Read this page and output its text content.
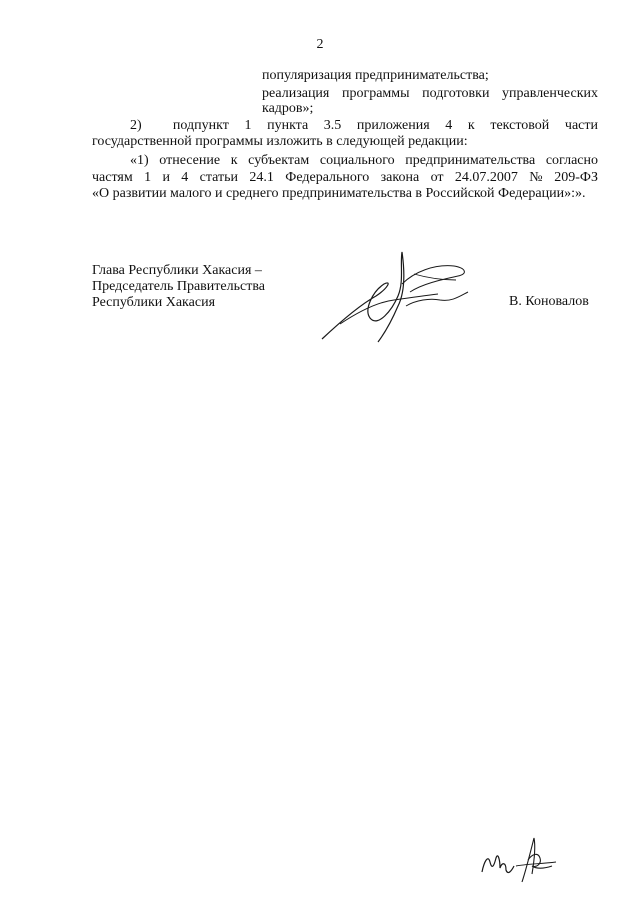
2
популяризация предпринимательства;
реализация программы подготовки управленческих
кадров»;
2)      подпункт   1   пункта   3.5   приложения   4   к   текстовой   части
государственной программы изложить в следующей редакции:
«1)  отнесение  к  субъектам  социального  предпринимательства  согласно
частям   1   и   4   статьи   24.1   Федерального   закона   от   24.07.2007   №   209-ФЗ
«О развитии малого и среднего предпринимательства в Российской Федерации»:».
Глава Республики Хакасия –
Председатель Правительства
Республики Хакасия	В. Коновалов
